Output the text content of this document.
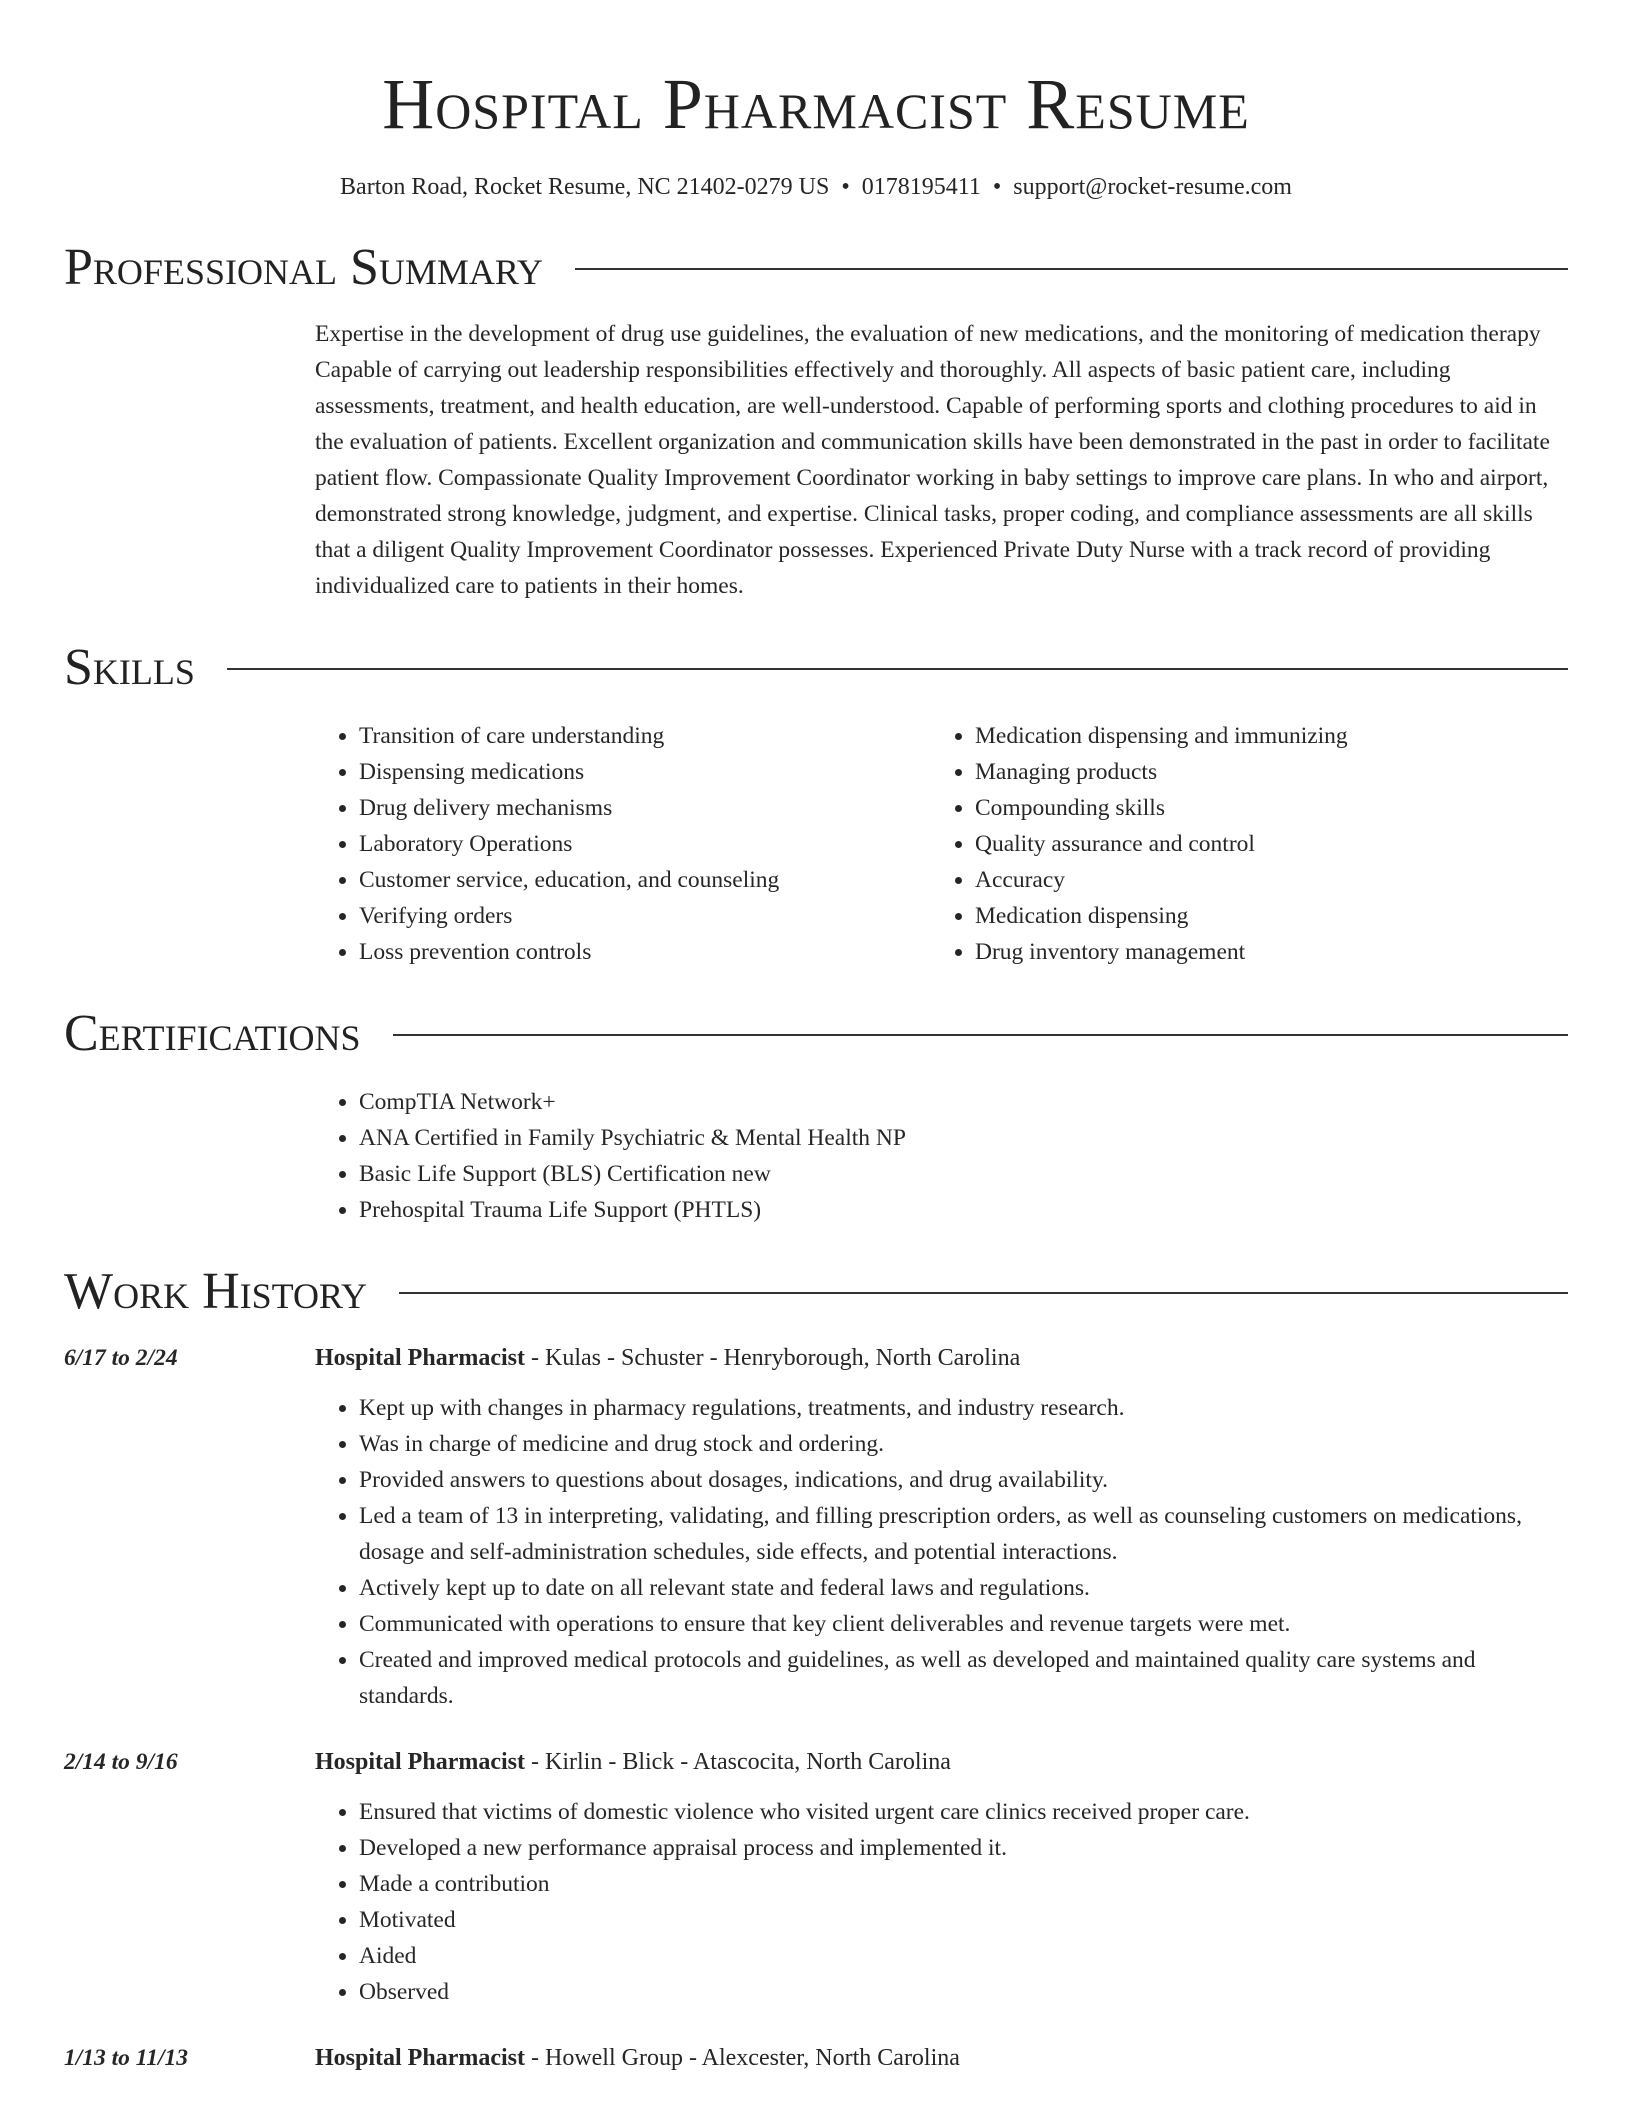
Hospital Pharmacist Resume
Barton Road, Rocket Resume, NC 21402-0279 US • 0178195411 • support@rocket-resume.com
Professional Summary
Expertise in the development of drug use guidelines, the evaluation of new medications, and the monitoring of medication therapy Capable of carrying out leadership responsibilities effectively and thoroughly. All aspects of basic patient care, including assessments, treatment, and health education, are well-understood. Capable of performing sports and clothing procedures to aid in the evaluation of patients. Excellent organization and communication skills have been demonstrated in the past in order to facilitate patient flow. Compassionate Quality Improvement Coordinator working in baby settings to improve care plans. In who and airport, demonstrated strong knowledge, judgment, and expertise. Clinical tasks, proper coding, and compliance assessments are all skills that a diligent Quality Improvement Coordinator possesses. Experienced Private Duty Nurse with a track record of providing individualized care to patients in their homes.
Skills
• Transition of care understanding
• Dispensing medications
• Drug delivery mechanisms
• Laboratory Operations
• Customer service, education, and counseling
• Verifying orders
• Loss prevention controls
• Medication dispensing and immunizing
• Managing products
• Compounding skills
• Quality assurance and control
• Accuracy
• Medication dispensing
• Drug inventory management
Certifications
• CompTIA Network+
• ANA Certified in Family Psychiatric & Mental Health NP
• Basic Life Support (BLS) Certification new
• Prehospital Trauma Life Support (PHTLS)
Work History
6/17 to 2/24	Hospital Pharmacist - Kulas - Schuster - Henryborough, North Carolina
• Kept up with changes in pharmacy regulations, treatments, and industry research.
• Was in charge of medicine and drug stock and ordering.
• Provided answers to questions about dosages, indications, and drug availability.
• Led a team of 13 in interpreting, validating, and filling prescription orders, as well as counseling customers on medications, dosage and self-administration schedules, side effects, and potential interactions.
• Actively kept up to date on all relevant state and federal laws and regulations.
• Communicated with operations to ensure that key client deliverables and revenue targets were met.
• Created and improved medical protocols and guidelines, as well as developed and maintained quality care systems and standards.
2/14 to 9/16	Hospital Pharmacist - Kirlin - Blick - Atascocita, North Carolina
• Ensured that victims of domestic violence who visited urgent care clinics received proper care.
• Developed a new performance appraisal process and implemented it.
• Made a contribution
• Motivated
• Aided
• Observed
1/13 to 11/13	Hospital Pharmacist - Howell Group - Alexcester, North Carolina
